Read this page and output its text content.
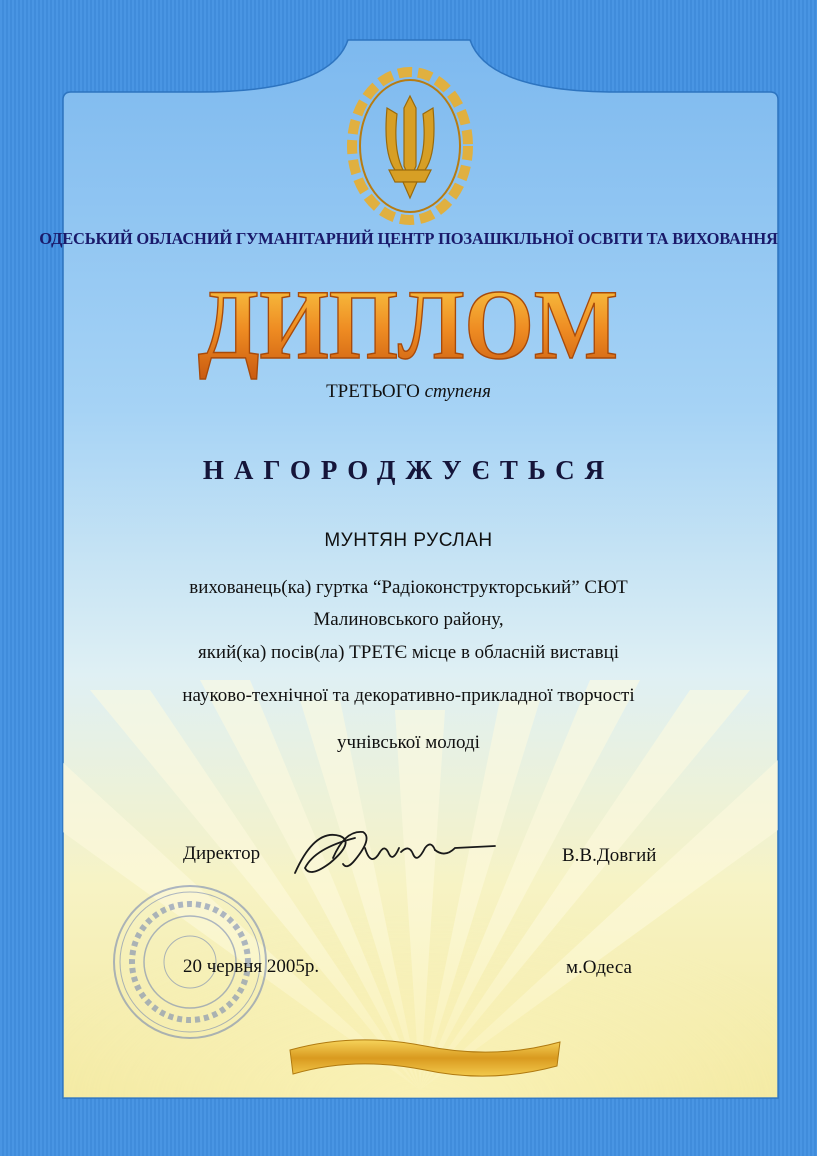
ОДЕСЬКИЙ ОБЛАСНИЙ ГУМАНІТАРНИЙ ЦЕНТР ПОЗАШКІЛЬНОЇ ОСВІТИ ТА ВИХОВАННЯ
ДИПЛОМ
ТРЕТЬОГО ступеня
НАГОРОДЖУЄТЬСЯ
МУНТЯН РУСЛАН
вихованець(ка) гуртка “Радіоконструкторський” СЮТ
Малиновського району,
який(ка) посів(ла) ТРЕТЄ місце в обласній виставці
науково-технічної та декоративно-прикладної творчості
учнівської молоді
Директор	В.В.Довгий
20 червня 2005р.	м.Одеса
